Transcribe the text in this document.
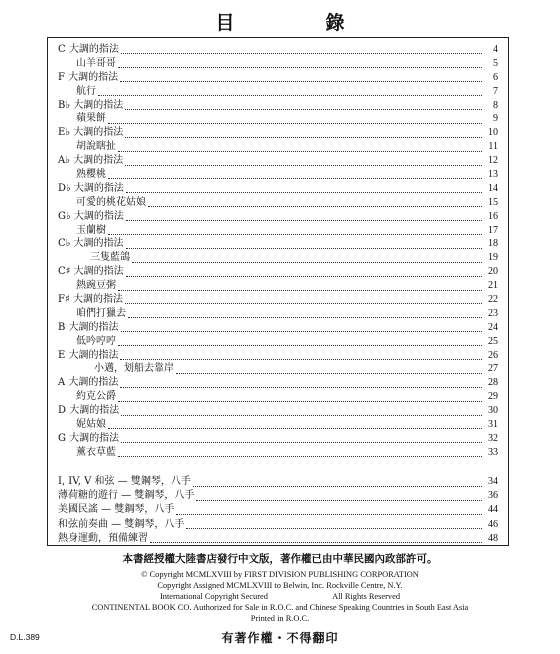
目　錄
C 大調的指法	4
山羊哥哥	5
F 大調的指法	6
航行	7
B♭ 大調的指法	8
蘋果餅	9
E♭ 大調的指法	10
胡說瞎扯	11
A♭ 大調的指法	12
熟櫻桃	13
D♭ 大調的指法	14
可愛的桃花姑娘	15
G♭ 大調的指法	16
玉蘭樹	17
C♭ 大調的指法	18
三隻藍鴿	19
C♯ 大調的指法	20
熱豌豆粥	21
F♯ 大調的指法	22
咱們打獵去	23
B 大調的指法	24
低吟哼哼	25
E 大調的指法	26
小邁，划船去靠岸	27
A 大調的指法	28
約克公爵	29
D 大調的指法	30
妮姑娘	31
G 大調的指法	32
薰衣草藍	33
I, IV, V 和弦 — 雙鋼琴，八手	34
薄荷糖的遊行 — 雙鋼琴，八手	36
美國民謠 — 雙鋼琴，八手	44
和弦前奏曲 — 雙鋼琴，八手	46
熱身運動，預備練習	48
本書經授權大陸書店發行中文版，著作權已由中華民國內政部許可。
© Copyright MCMLXVIII by FIRST DIVISION PUBLISHING CORPORATION
Copyright Assigned MCMLXVIII to Belwin, Inc. Rockville Centre, N.Y.
International Copyright Secured	All Rights Reserved
CONTINENTAL BOOK CO. Authorized for Sale in R.O.C. and Chinese Speaking Countries in South East Asia
Printed in R.O.C.
D.L.389	有著作權・不得翻印
